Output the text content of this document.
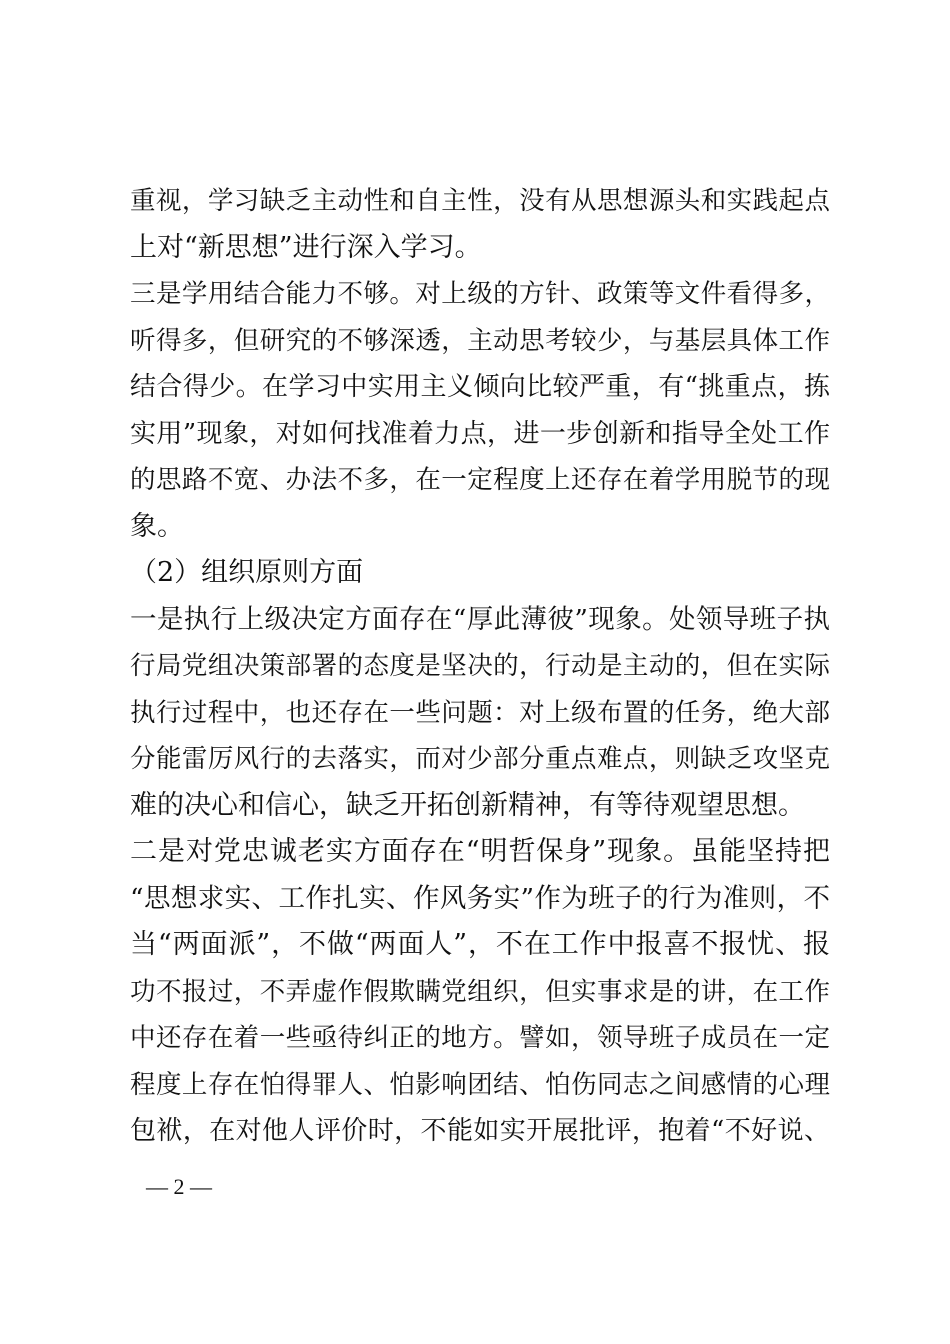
重视，学习缺乏主动性和自主性，没有从思想源头和实践起点
上对“新思想”进行深入学习。
三是学用结合能力不够。对上级的方针、政策等文件看得多，
听得多，但研究的不够深透，主动思考较少，与基层具体工作
结合得少。在学习中实用主义倾向比较严重，有“挑重点，拣
实用”现象，对如何找准着力点，进一步创新和指导全处工作
的思路不宽、办法不多，在一定程度上还存在着学用脱节的现
象。
（2）组织原则方面
一是执行上级决定方面存在“厚此薄彼”现象。处领导班子执
行局党组决策部署的态度是坚决的，行动是主动的，但在实际
执行过程中，也还存在一些问题：对上级布置的任务，绝大部
分能雷厉风行的去落实，而对少部分重点难点，则缺乏攻坚克
难的决心和信心，缺乏开拓创新精神，有等待观望思想。
二是对党忠诚老实方面存在“明哲保身”现象。虽能坚持把
“思想求实、工作扎实、作风务实”作为班子的行为准则，不
当“两面派”，不做“两面人”，不在工作中报喜不报忧、报
功不报过，不弄虚作假欺瞒党组织，但实事求是的讲，在工作
中还存在着一些亟待纠正的地方。譬如，领导班子成员在一定
程度上存在怕得罪人、怕影响团结、怕伤同志之间感情的心理
包袱，在对他人评价时，不能如实开展批评，抱着“不好说、
— 2 —
